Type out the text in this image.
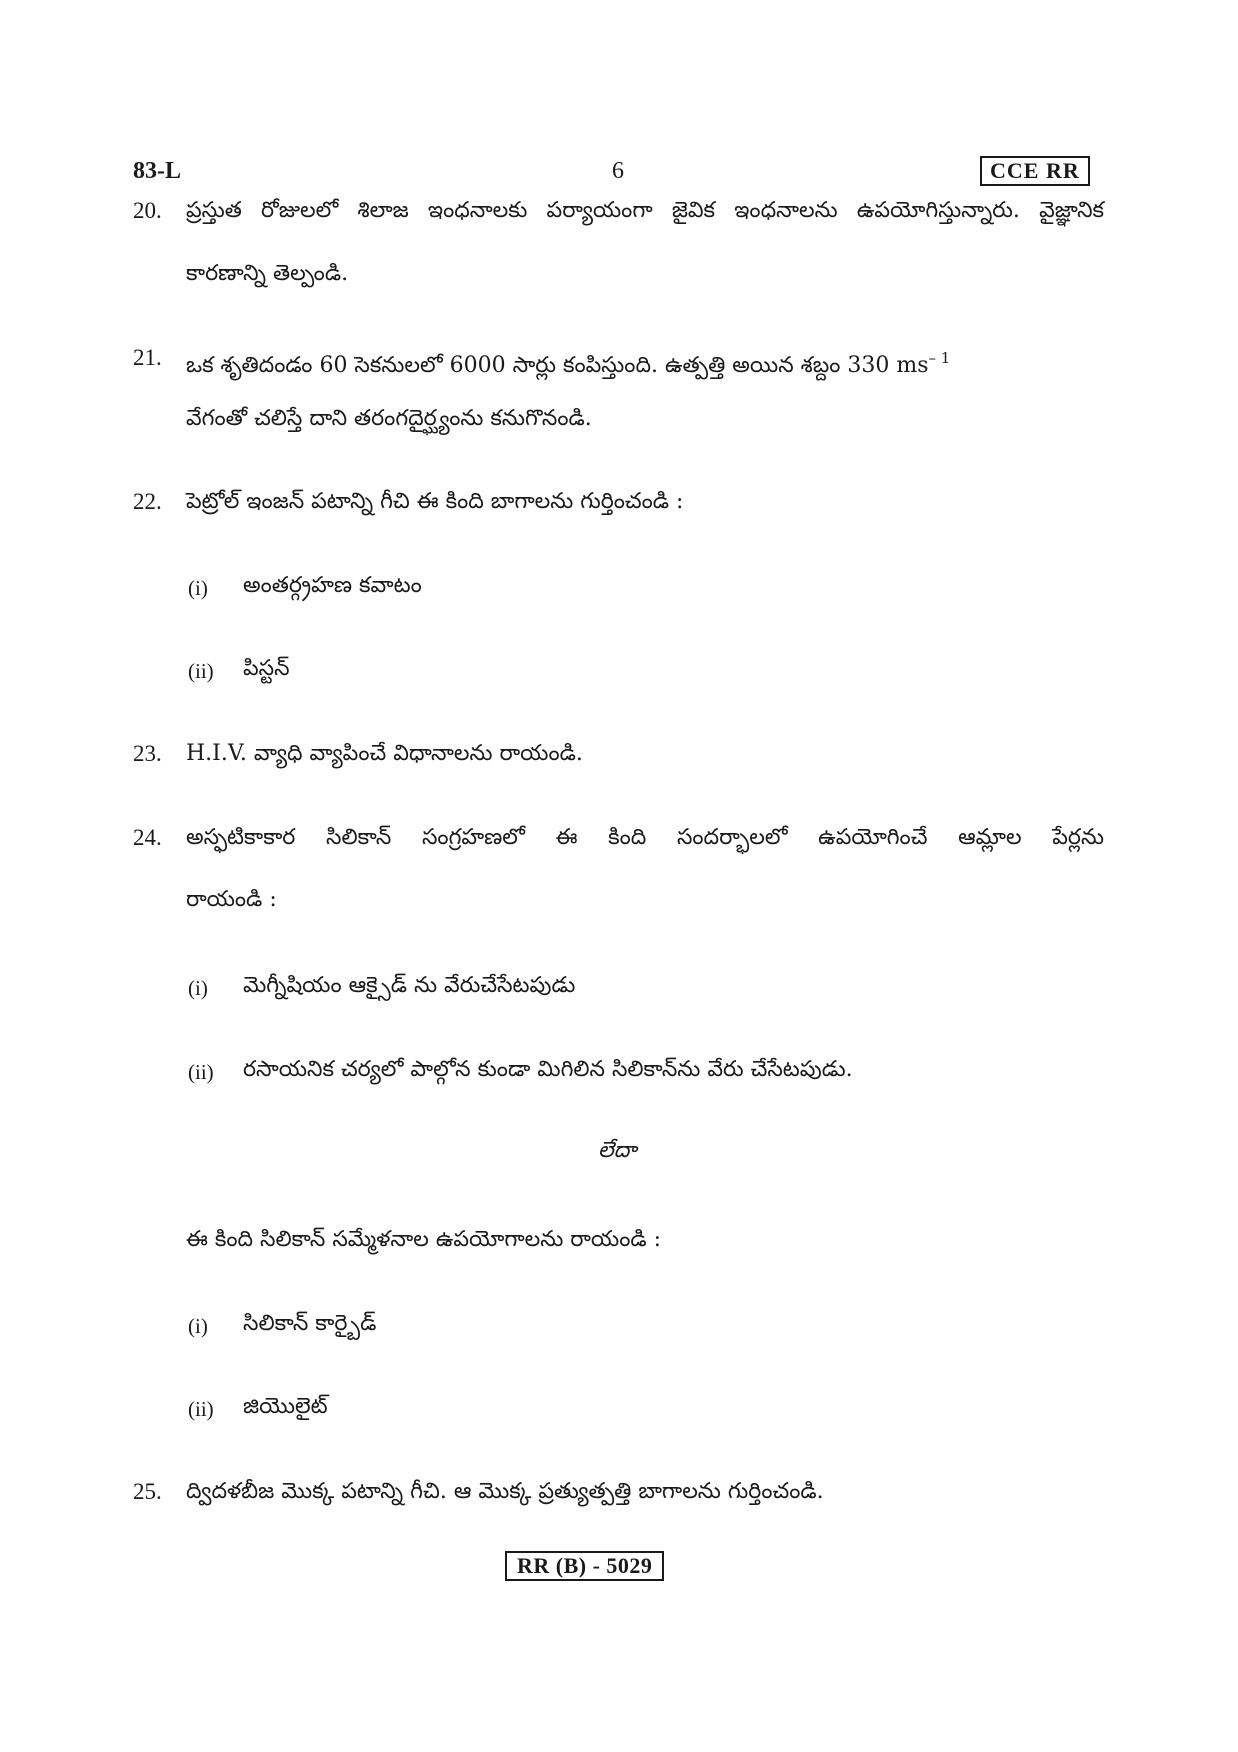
83-L	6	CCE RR
20. ప్రస్తుత రోజులలో శిలాజ ఇంధనాలకు పర్యాయంగా జైవిక ఇంధనాలను ఉపయోగిస్తున్నారు. వైజ్ఞానిక
కారణాన్ని తెల్పండి.
21. ఒక శృతిదండం 60 సెకనులలో 6000 సార్లు కంపిస్తుంది. ఉత్పత్తి అయిన శబ్దం 330 $ms^{- 1}$
వేగంతో చలిస్తే దాని తరంగదైర్ఘ్యంను కనుగొనండి.
22. పెట్రోల్ ఇంజన్ పటాన్ని గీచి ఈ కింది బాగాలను గుర్తించండి :
(i) అంతర్గ్రహణ కవాటం
(ii) పిస్టన్
23. H.I.V. వ్యాధి వ్యాపించే విధానాలను రాయండి.
24. అస్ఫటికాకార సిలికాన్ సంగ్రహణలో ఈ కింది సందర్భాలలో ఉపయోగించే ఆమ్లాల పేర్లను
రాయండి :
(i) మెగ్నీషియం ఆక్సైడ్ ను వేరుచేసేటపుడు
(ii) రసాయనిక చర్యలో పాల్గోన కుండా మిగిలిన సిలికాన్‌ను వేరు చేసేటపుడు.
లేదా
ఈ కింది సిలికాన్ సమ్మేళనాల ఉపయోగాలను రాయండి :
(i) సిలికాన్ కార్బైడ్
(ii) జియొలైట్
25. ద్విదళబీజ మొక్క పటాన్ని గీచి. ఆ మొక్క ప్రత్యుత్పత్తి బాగాలను గుర్తించండి.
RR (B) - 5029
